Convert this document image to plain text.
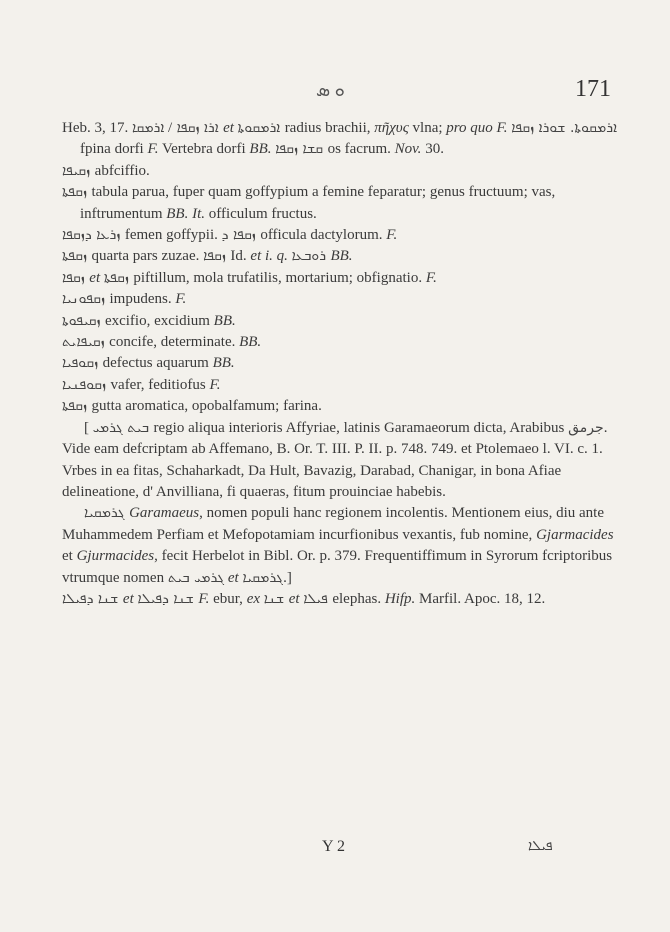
ܘ ܣ	171

Heb. 3, 17.	ܐܪܐ ܙܩܦܐ / ܐܪܡܩܐ et ܐܪܡܩܘܬܐ radius brachii, πῆχυς vlna; pro quo F.	ܐܪܡܩܘܬܐ. ܫܘܪܐ ܙܩܦܐ fpina dorfi F. Vertebra dorfi BB. ܩܫܐ ܙܩܦܐ os facrum. Nov. 30.

ܙܩܝܦܐ abfciffio.

ܙܩܦܬܐ tabula parua, fuper quam goffypium a femine feparatur; genus fructuum; vas, inftrumentum BB. It. officulum fructus.

ܙܪܥܐ ܕܙܩܦܐ femen goffypii. ܙܩܦܐ ܕ officula dactylorum. F.

ܙܩܦܬܐ quarta pars zuzae. ܙܩܦܐ Id. et i. q. ܪܘܒܥܐ BB.

ܙܩܦܐ et ܙܩܦܬܐ piftillum, mola trufatilis, mortarium; obfignatio. F.

ܙܩܦܘܢܝܐ impudens. F.

ܙܩܝܦܘܬܐ excifio, excidium BB.

ܙܩܝܦܐܝܬ concife, determinate. BB.

ܙܩܘܦܝܐ defectus aquarum BB.

ܙܩܘܦܢܝܐ vafer, feditiofus F.

ܙܩܦܬܐ gutta aromatica, opobalfamum; farina.

[ ܒܝܬ ܓܪܡܝ regio aliqua interioris Affyriae, latinis Garamaeorum dicta, Arabibus جرمق. Vide eam defcriptam ab Affemano, B. Or. T. III. P. II. p. 748. 749. et Ptolemaeo l. VI. c. 1. Vrbes in ea fitas, Schaharkadt, Da Hult, Bavazig, Darabad, Chanigar, in bona Afiae delineatione, d' Anvilliana, fi quaeras, fitum prouinciae habebis.

ܓܪܡܩܝܐ Garamaeus, nomen populi hanc regionem incolentis. Mentionem eius, diu ante Muhammedem Perfiam et Mefopotamiam incurfionibus vexantis, fub nomine, Gjarmacides et Gjurmacides, fecit Herbelot in Bibl. Or. p. 379. Frequentiffimum in Syrorum fcriptoribus vtrumque nomen ܓܪܡܝ ܒܝܬ et ܓܪܡܩܝܐ.]

ܫܢܐ ܕܦܝܠܐ et ܫܢܐ ܕܦܝܠܐ F. ebur, ex ܫܢܐ et ܦܝܠܐ elephas. Hifp. Marfil. Apoc. 18, 12.

Y 2	ܦܝܠܐ
